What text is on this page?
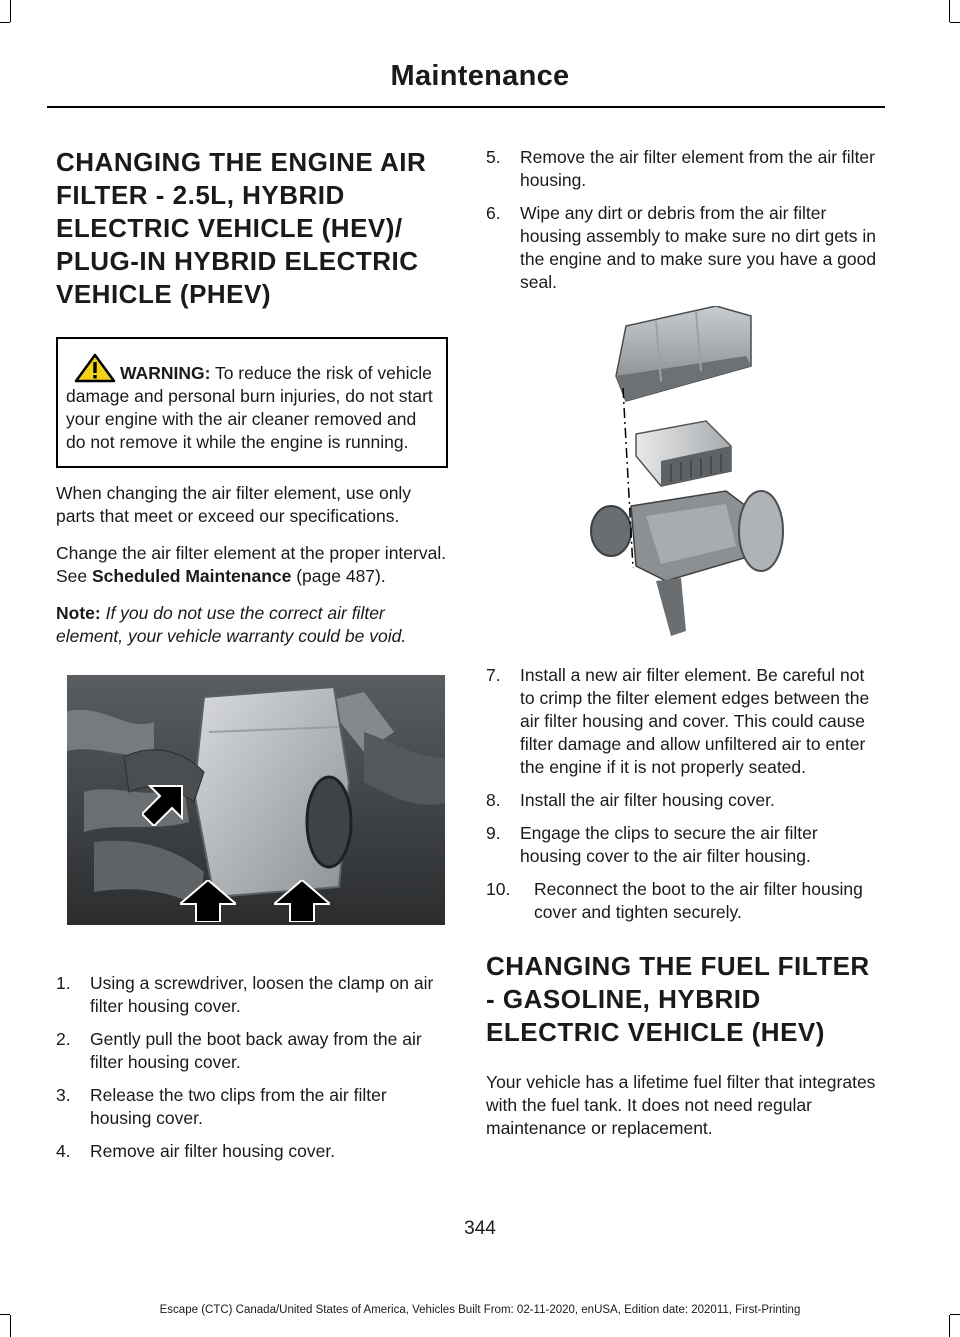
Maintenance
CHANGING THE ENGINE AIR
FILTER - 2.5L, HYBRID
ELECTRIC VEHICLE (HEV)/
PLUG-IN HYBRID ELECTRIC
VEHICLE (PHEV)
WARNING: To reduce the risk of vehicle damage and personal burn injuries, do not start your engine with the air cleaner removed and do not remove it while the engine is running.

When changing the air filter element, use only parts that meet or exceed our specifications.

Change the air filter element at the proper interval. See Scheduled Maintenance (page 487).

Note: If you do not use the correct air filter element, your vehicle warranty could be void.

1. Using a screwdriver, loosen the clamp on air filter housing cover.
2. Gently pull the boot back away from the air filter housing cover.
3. Release the two clips from the air filter housing cover.
4. Remove air filter housing cover.
5. Remove the air filter element from the air filter housing.
6. Wipe any dirt or debris from the air filter housing assembly to make sure no dirt gets in the engine and to make sure you have a good seal.
7. Install a new air filter element. Be careful not to crimp the filter element edges between the air filter housing and cover. This could cause filter damage and allow unfiltered air to enter the engine if it is not properly seated.
8. Install the air filter housing cover.
9. Engage the clips to secure the air filter housing cover to the air filter housing.
10. Reconnect the boot to the air filter housing cover and tighten securely.
CHANGING THE FUEL FILTER
- GASOLINE, HYBRID
ELECTRIC VEHICLE (HEV)

Your vehicle has a lifetime fuel filter that integrates with the fuel tank. It does not need regular maintenance or replacement.

344
Escape (CTC) Canada/United States of America, Vehicles Built From: 02-11-2020, enUSA, Edition date: 202011, First-Printing
